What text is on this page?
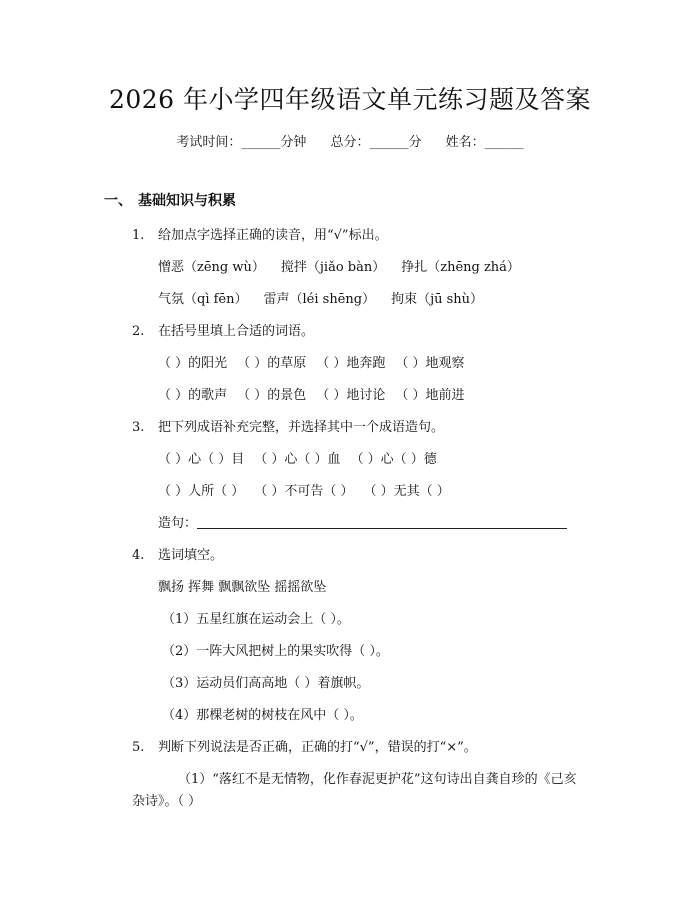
2026 年小学四年级语文单元练习题及答案
考试时间：______分钟 总分：______分 姓名：______
一、 基础知识与积累
1. 给加点字选择正确的读音，用“√”标出。
憎恶（zēng wù） 搅拌（jiǎo bàn） 挣扎（zhēng zhá）
气氛（qì fēn） 雷声（léi shēng） 拘束（jū shù）
2. 在括号里填上合适的词语。
（ ）的阳光 （ ）的草原 （ ）地奔跑 （ ）地观察
（ ）的歌声 （ ）的景色 （ ）地讨论 （ ）地前进
3. 把下列成语补充完整，并选择其中一个成语造句。
（ ）心（ ）目 （ ）心（ ）血 （ ）心（ ）德
（ ）人所（ ） （ ）不可告（ ） （ ）无其（ ）
造句：
4. 选词填空。
飘扬 挥舞 飘飘欲坠 摇摇欲坠
（1）五星红旗在运动会上（ ）。
（2）一阵大风把树上的果实吹得（ ）。
（3）运动员们高高地（ ）着旗帜。
（4）那棵老树的树枝在风中（ ）。
5. 判断下列说法是否正确，正确的打“√”，错误的打“×”。
（1）“落红不是无情物，化作春泥更护花”这句诗出自龚自珍的《己亥
杂诗》。（ ）
